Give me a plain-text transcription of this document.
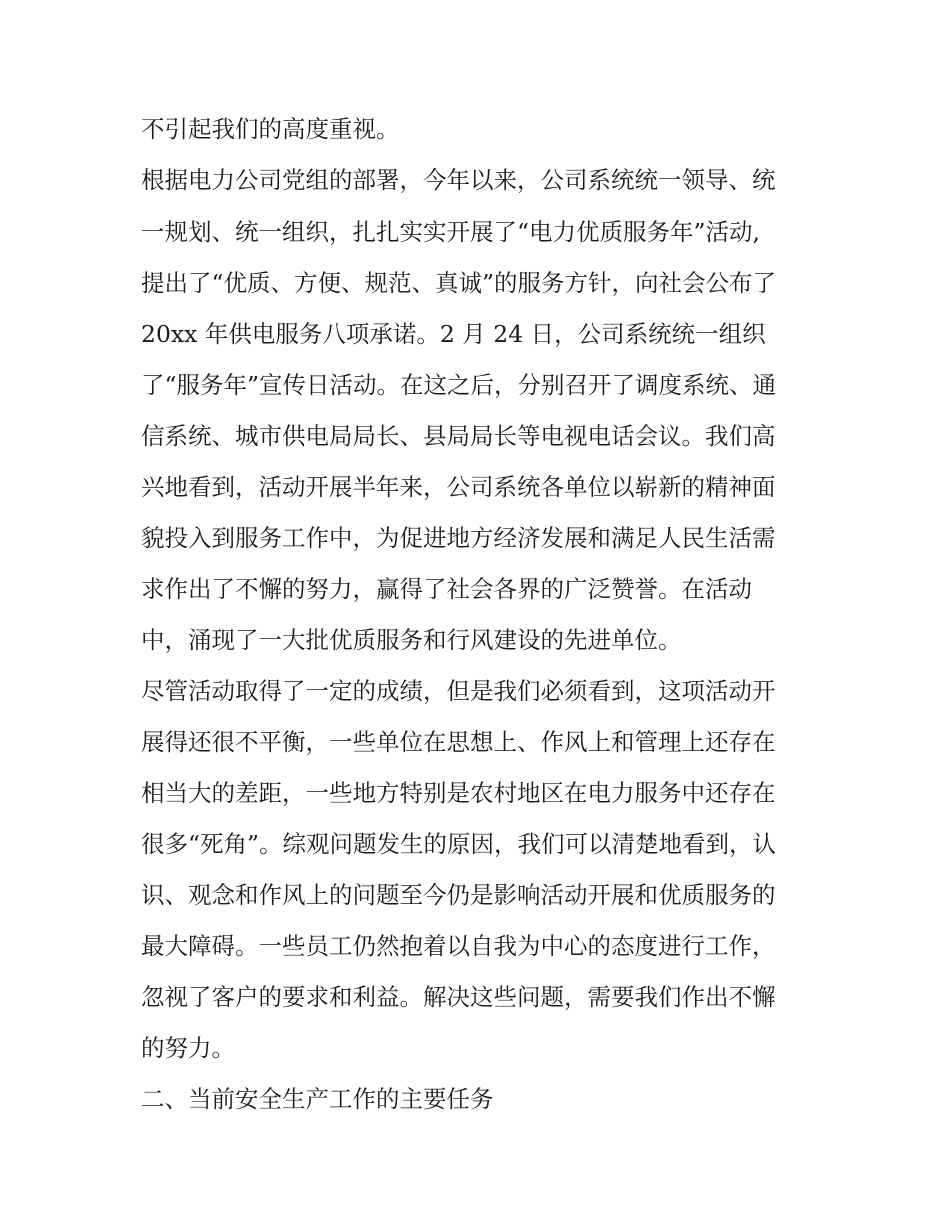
不引起我们的高度重视。
根据电力公司党组的部署，今年以来，公司系统统一领导、统
一规划、统一组织，扎扎实实开展了“电力优质服务年”活动,
提出了“优质、方便、规范、真诚”的服务方针，向社会公布了
20xx 年供电服务八项承诺。2 月 24 日，公司系统统一组织
了“服务年”宣传日活动。在这之后，分别召开了调度系统、通
信系统、城市供电局局长、县局局长等电视电话会议。我们高
兴地看到，活动开展半年来，公司系统各单位以崭新的精神面
貌投入到服务工作中，为促进地方经济发展和满足人民生活需
求作出了不懈的努力，赢得了社会各界的广泛赞誉。在活动
中，涌现了一大批优质服务和行风建设的先进单位。
尽管活动取得了一定的成绩，但是我们必须看到，这项活动开
展得还很不平衡，一些单位在思想上、作风上和管理上还存在
相当大的差距，一些地方特别是农村地区在电力服务中还存在
很多“死角”。综观问题发生的原因，我们可以清楚地看到，认
识、观念和作风上的问题至今仍是影响活动开展和优质服务的
最大障碍。一些员工仍然抱着以自我为中心的态度进行工作，
忽视了客户的要求和利益。解决这些问题，需要我们作出不懈
的努力。
二、当前安全生产工作的主要任务
